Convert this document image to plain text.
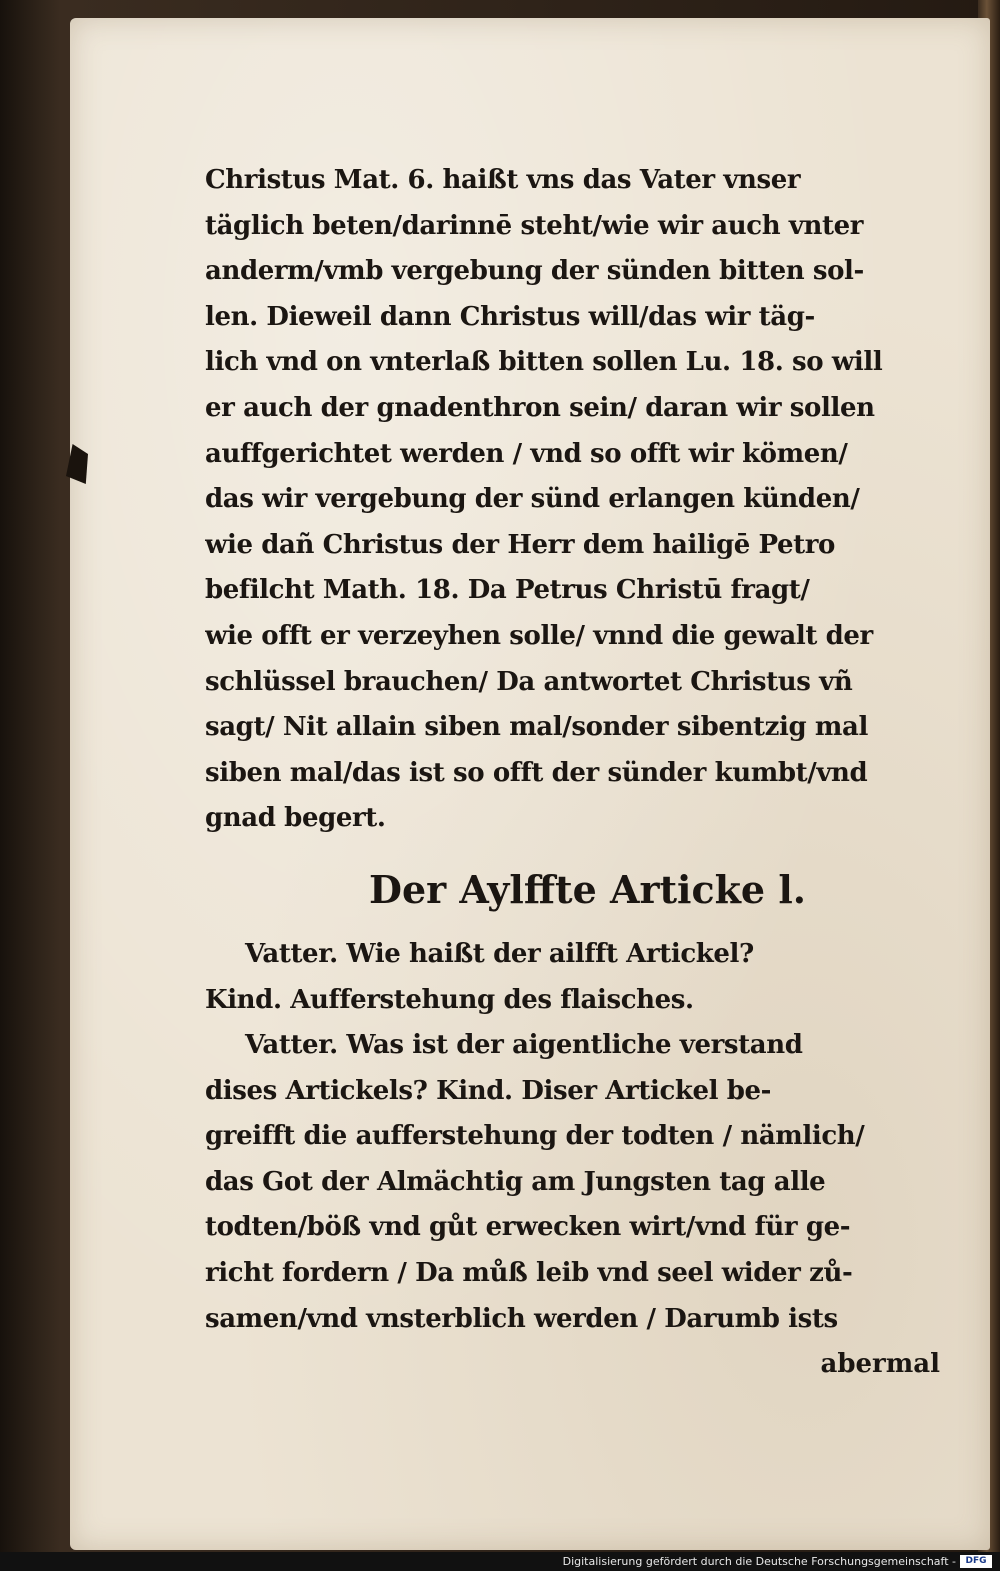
Christus Mat. 6. haißt vns das Vater vnser
täglich beten/darinnē steht/wie wir auch vnter
anderm/vmb vergebung der sünden bitten sol-
len. Dieweil dann Christus will/das wir täg-
lich vnd on vnterlaß bitten sollen Lu. 18. so will
er auch der gnadenthron sein/ daran wir sollen
auffgerichtet werden / vnd so offt wir kömen/
das wir vergebung der sünd erlangen künden/
wie dañ Christus der Herr dem hailigē Petro
befilcht Math. 18. Da Petrus Christū fragt/
wie offt er verzeyhen solle/ vnnd die gewalt der
schlüssel brauchen/ Da antwortet Christus vñ
sagt/ Nit allain siben mal/sonder sibentzig mal
siben mal/das ist so offt der sünder kumbt/vnd
gnad begert.
Der Aylffte Articke l.
Vatter. Wie haißt der ailfft Artickel?
Kind. Aufferstehung des flaisches.
Vatter. Was ist der aigentliche verstand
dises Artickels? Kind. Diser Artickel be-
greifft die aufferstehung der todten / nämlich/
das Got der Almächtig am Jungsten tag alle
todten/böß vnd gůt erwecken wirt/vnd für ge-
richt fordern / Da můß leib vnd seel wider zů-
samen/vnd vnsterblich werden / Darumb ists
abermal
Digitalisierung gefördert durch die Deutsche Forschungsgemeinschaft -	DFG
